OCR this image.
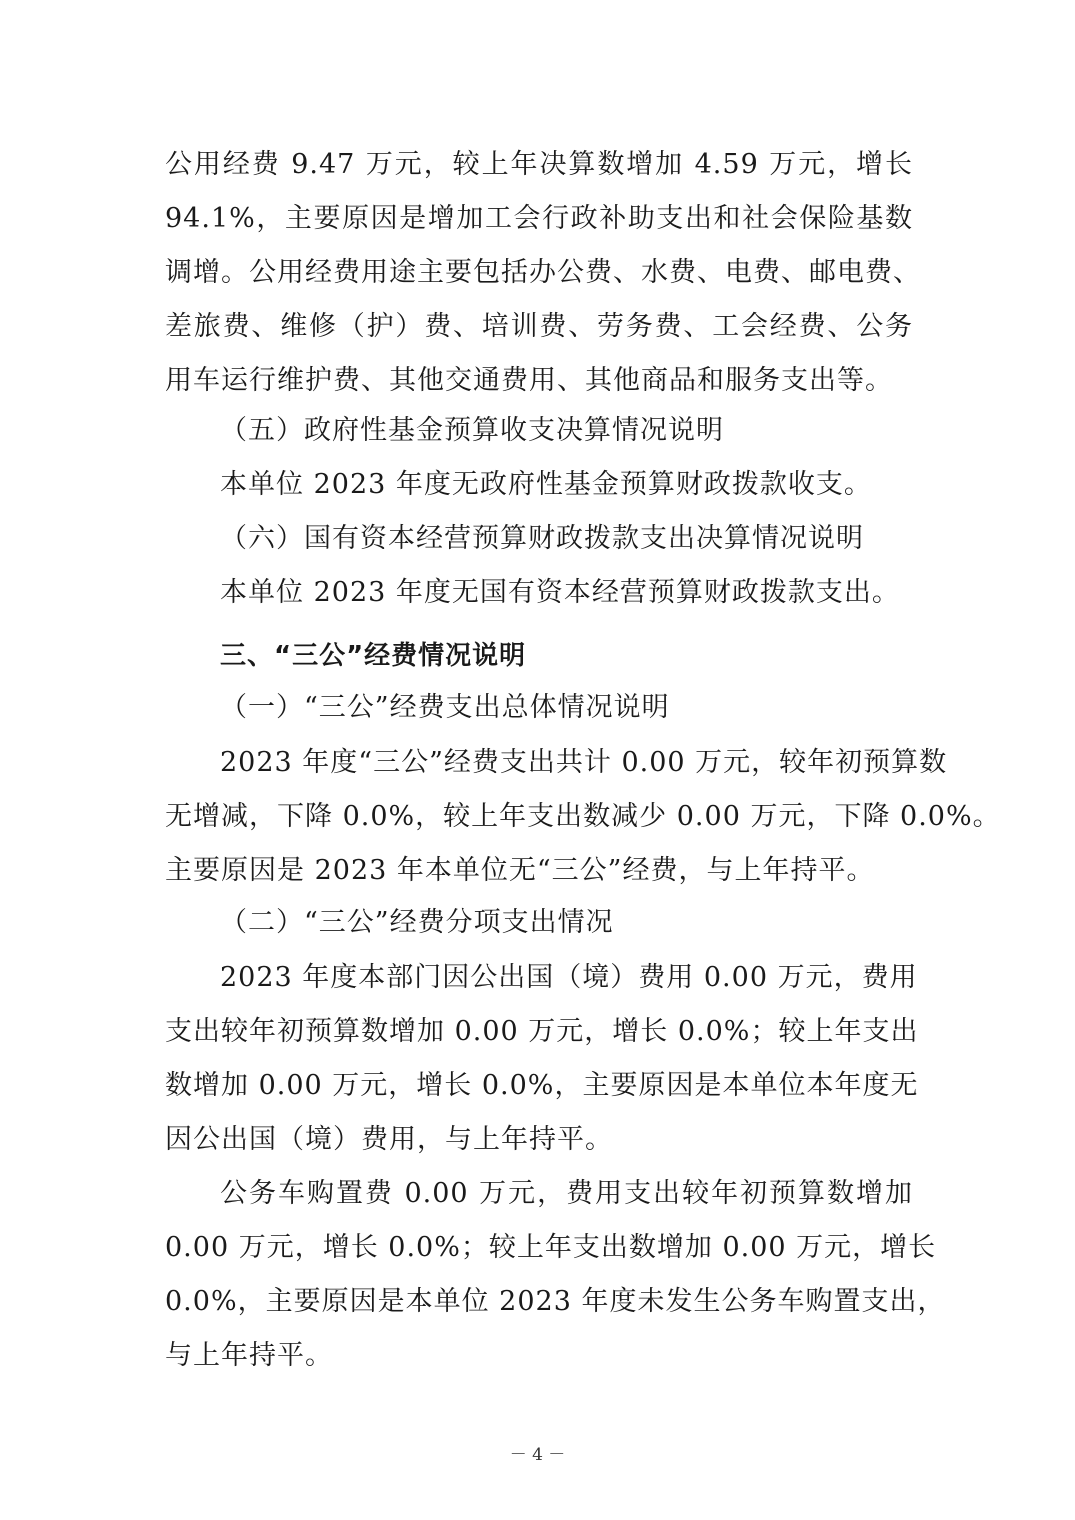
公用经费 9.47 万元，较上年决算数增加 4.59 万元，增长
94.1%，主要原因是增加工会行政补助支出和社会保险基数
调增。公用经费用途主要包括办公费、水费、电费、邮电费、
差旅费、维修（护）费、培训费、劳务费、工会经费、公务
用车运行维护费、其他交通费用、其他商品和服务支出等。
（五）政府性基金预算收支决算情况说明
本单位 2023 年度无政府性基金预算财政拨款收支。
（六）国有资本经营预算财政拨款支出决算情况说明
本单位 2023 年度无国有资本经营预算财政拨款支出。
三、“三公”经费情况说明
（一）“三公”经费支出总体情况说明
2023 年度“三公”经费支出共计 0.00 万元，较年初预算数
无增减，下降 0.0%，较上年支出数减少 0.00 万元，下降 0.0%。
主要原因是 2023 年本单位无“三公”经费，与上年持平。
（二）“三公”经费分项支出情况
2023 年度本部门因公出国（境）费用 0.00 万元，费用
支出较年初预算数增加 0.00 万元，增长 0.0%；较上年支出
数增加 0.00 万元，增长 0.0%，主要原因是本单位本年度无
因公出国（境）费用，与上年持平。
公务车购置费 0.00 万元，费用支出较年初预算数增加
0.00 万元，增长 0.0%；较上年支出数增加 0.00 万元，增长
0.0%，主要原因是本单位 2023 年度未发生公务车购置支出，
与上年持平。
－ 4 －
